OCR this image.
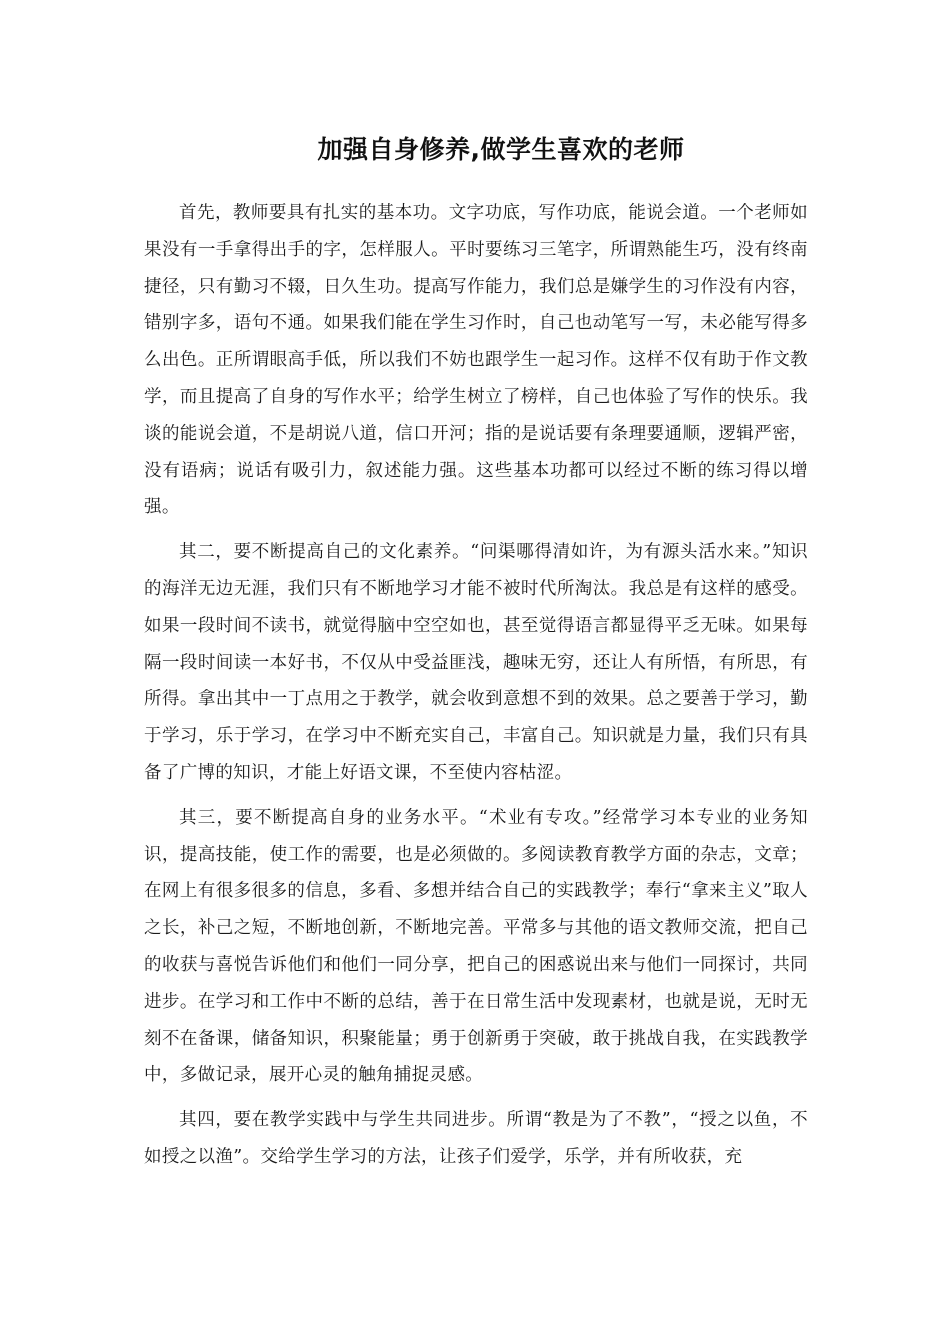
加强自身修养,做学生喜欢的老师

首先，教师要具有扎实的基本功。文字功底，写作功底，能说会道。一个老师如果没有一手拿得出手的字，怎样服人。平时要练习三笔字，所谓熟能生巧，没有终南捷径，只有勤习不辍，日久生功。提高写作能力，我们总是嫌学生的习作没有内容，错别字多，语句不通。如果我们能在学生习作时，自己也动笔写一写，未必能写得多么出色。正所谓眼高手低，所以我们不妨也跟学生一起习作。这样不仅有助于作文教学，而且提高了自身的写作水平；给学生树立了榜样，自己也体验了写作的快乐。我谈的能说会道，不是胡说八道，信口开河；指的是说话要有条理要通顺，逻辑严密，没有语病；说话有吸引力，叙述能力强。这些基本功都可以经过不断的练习得以增强。

其二，要不断提高自己的文化素养。“问渠哪得清如许，为有源头活水来。”知识的海洋无边无涯，我们只有不断地学习才能不被时代所淘汰。我总是有这样的感受。如果一段时间不读书，就觉得脑中空空如也，甚至觉得语言都显得平乏无味。如果每隔一段时间读一本好书，不仅从中受益匪浅，趣味无穷，还让人有所悟，有所思，有所得。拿出其中一丁点用之于教学，就会收到意想不到的效果。总之要善于学习，勤于学习，乐于学习，在学习中不断充实自己，丰富自己。知识就是力量，我们只有具备了广博的知识，才能上好语文课，不至使内容枯涩。

其三，要不断提高自身的业务水平。“术业有专攻。”经常学习本专业的业务知识，提高技能，使工作的需要，也是必须做的。多阅读教育教学方面的杂志，文章；在网上有很多很多的信息，多看、多想并结合自己的实践教学；奉行“拿来主义”取人之长，补己之短，不断地创新，不断地完善。平常多与其他的语文教师交流，把自己的收获与喜悦告诉他们和他们一同分享，把自己的困惑说出来与他们一同探讨，共同进步。在学习和工作中不断的总结，善于在日常生活中发现素材，也就是说，无时无刻不在备课，储备知识，积聚能量；勇于创新勇于突破，敢于挑战自我，在实践教学中，多做记录，展开心灵的触角捕捉灵感。

其四，要在教学实践中与学生共同进步。所谓“教是为了不教”，“授之以鱼，不如授之以渔”。交给学生学习的方法，让孩子们爱学，乐学，并有所收获，充
